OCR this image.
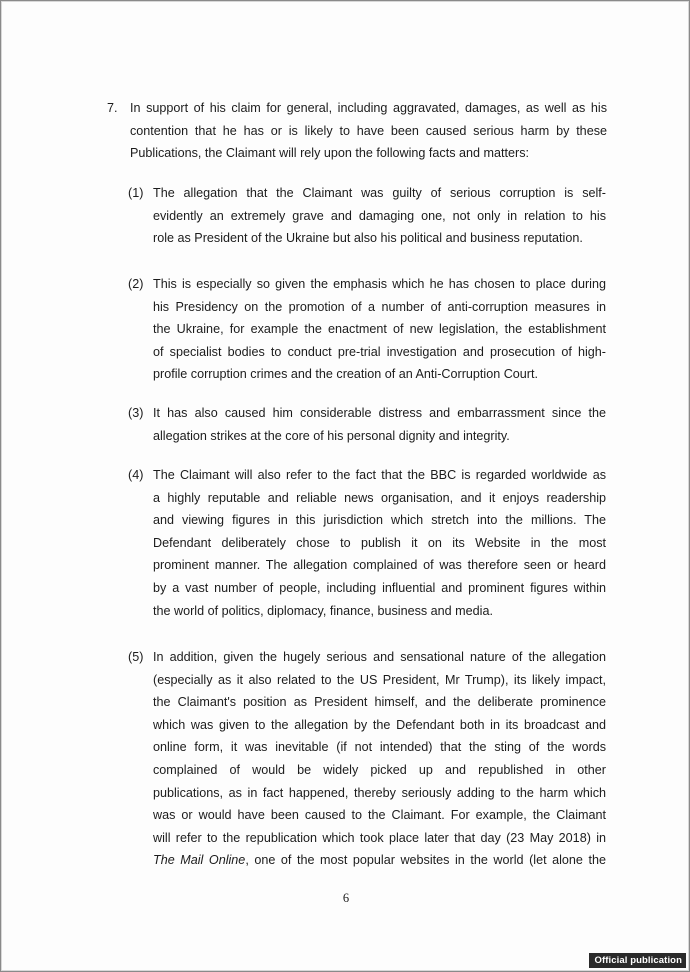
7. In support of his claim for general, including aggravated, damages, as well as his
contention that he has or is likely to have been caused serious harm by these
Publications, the Claimant will rely upon the following facts and matters:
(1) The allegation that the Claimant was guilty of serious corruption is self-
evidently an extremely grave and damaging one, not only in relation to his
role as President of the Ukraine but also his political and business reputation.
(2) This is especially so given the emphasis which he has chosen to place during
his Presidency on the promotion of a number of anti-corruption measures in
the Ukraine, for example the enactment of new legislation, the establishment
of specialist bodies to conduct pre-trial investigation and prosecution of high-
profile corruption crimes and the creation of an Anti-Corruption Court.
(3) It has also caused him considerable distress and embarrassment since the
allegation strikes at the core of his personal dignity and integrity.
(4) The Claimant will also refer to the fact that the BBC is regarded worldwide as
a highly reputable and reliable news organisation, and it enjoys readership
and viewing figures in this jurisdiction which stretch into the millions. The
Defendant deliberately chose to publish it on its Website in the most
prominent manner. The allegation complained of was therefore seen or heard
by a vast number of people, including influential and prominent figures within
the world of politics, diplomacy, finance, business and media.
(5) In addition, given the hugely serious and sensational nature of the allegation
(especially as it also related to the US President, Mr Trump), its likely impact,
the Claimant's position as President himself, and the deliberate prominence
which was given to the allegation by the Defendant both in its broadcast and
online form, it was inevitable (if not intended) that the sting of the words
complained of would be widely picked up and republished in other
publications, as in fact happened, thereby seriously adding to the harm which
was or would have been caused to the Claimant. For example, the Claimant
will refer to the republication which took place later that day (23 May 2018) in
The Mail Online, one of the most popular websites in the world (let alone the
6
Official publication
